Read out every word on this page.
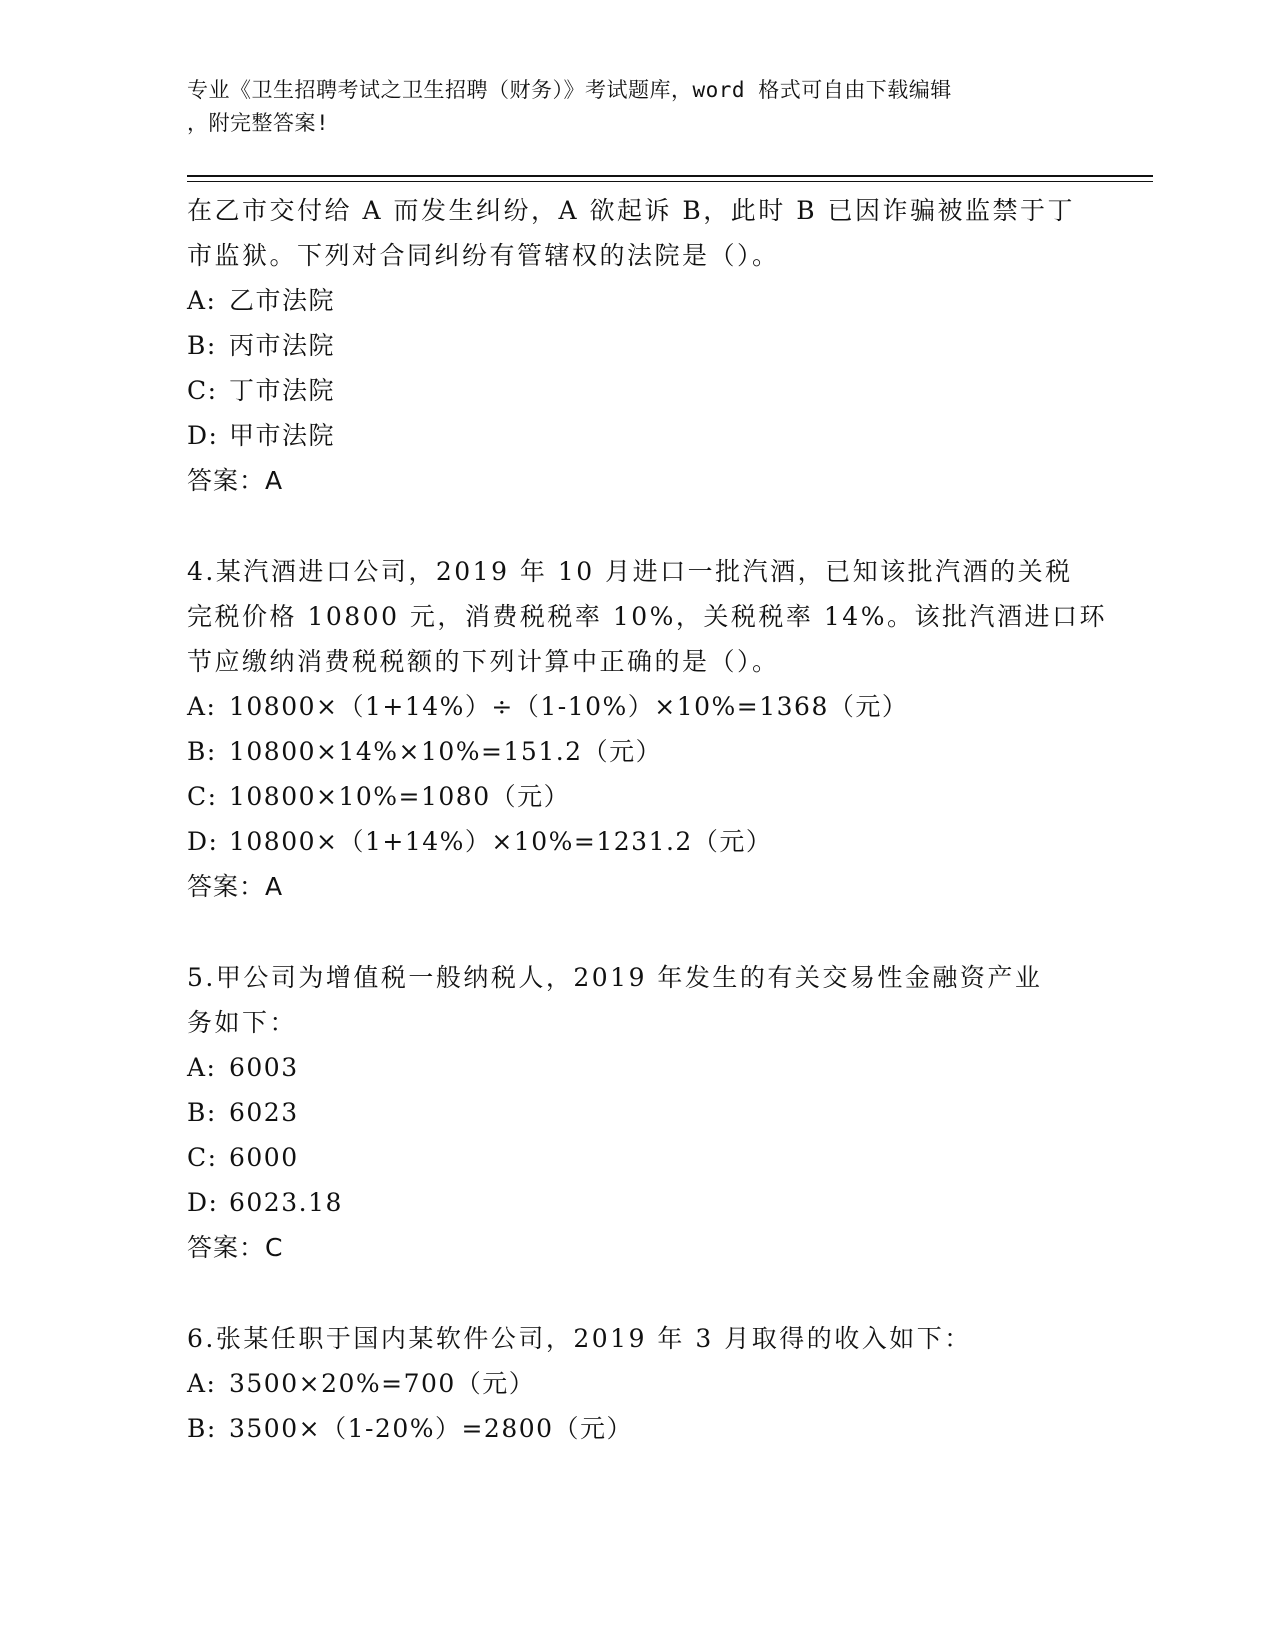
专业《卫生招聘考试之卫生招聘（财务）》考试题库，word 格式可自由下载编辑
，附完整答案!
在乙市交付给 A 而发生纠纷，A 欲起诉 B，此时 B 已因诈骗被监禁于丁
市监狱。下列对合同纠纷有管辖权的法院是（）。
A: 乙市法院
B: 丙市法院
C: 丁市法院
D: 甲市法院
答案：A
4.某汽酒进口公司，2019 年 10 月进口一批汽酒，已知该批汽酒的关税
完税价格 10800 元，消费税税率 10%，关税税率 14%。该批汽酒进口环
节应缴纳消费税税额的下列计算中正确的是（）。
A: 10800×（1+14%）÷（1-10%）×10%=1368（元）
B: 10800×14%×10%=151.2（元）
C: 10800×10%=1080（元）
D: 10800×（1+14%）×10%=1231.2（元）
答案：A
5.甲公司为增值税一般纳税人，2019 年发生的有关交易性金融资产业
务如下：
A: 6003
B: 6023
C: 6000
D: 6023.18
答案：C
6.张某任职于国内某软件公司，2019 年 3 月取得的收入如下：
A: 3500×20%=700（元）
B: 3500×（1-20%）=2800（元）
